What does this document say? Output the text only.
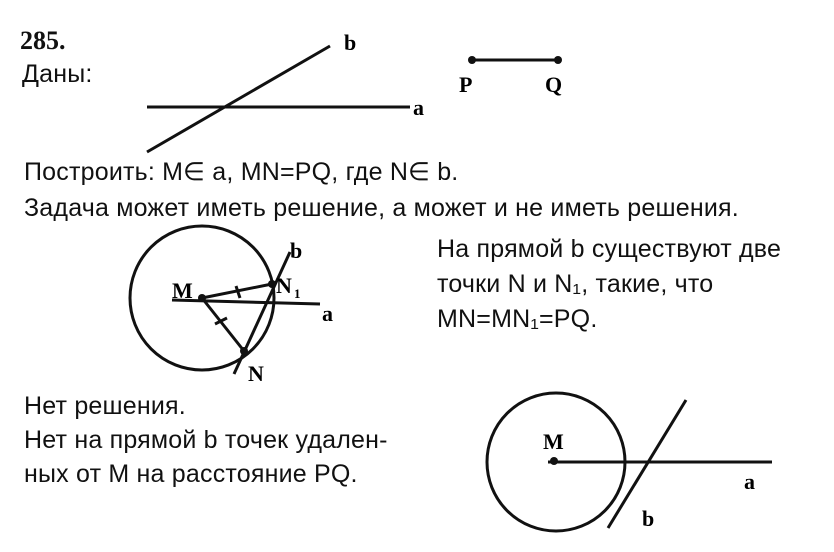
285.
Даны:
Построить: M∈ a, MN=PQ, где N∈ b.
Задача может иметь решение, а может и не иметь решения.
На прямой b существуют две
точки N и N₁, такие, что
MN=MN₁=PQ.
Нет решения.
Нет на прямой b точек удален-
ных от M на расстояние PQ.
b
a
P	Q
M	N 1
N
a
b
M
a
b
